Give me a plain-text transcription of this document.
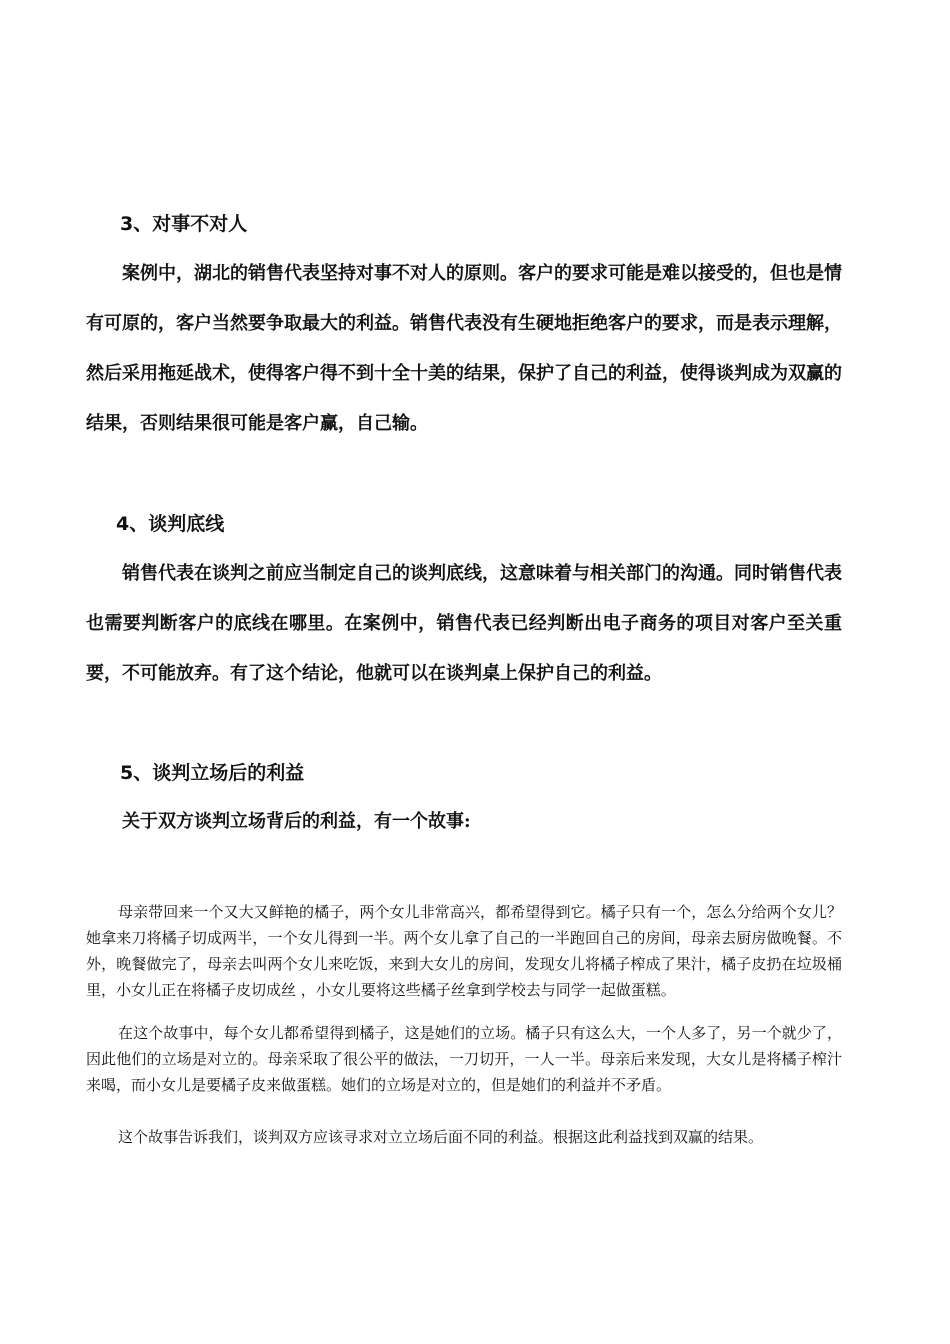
3、对事不对人

案例中，湖北的销售代表坚持对事不对人的原则。客户的要求可能是难以接受的，但也是情有可原的，客户当然要争取最大的利益。销售代表没有生硬地拒绝客户的要求，而是表示理解，然后采用拖延战术，使得客户得不到十全十美的结果，保护了自己的利益，使得谈判成为双赢的结果，否则结果很可能是客户赢，自己输。

4、谈判底线

销售代表在谈判之前应当制定自己的谈判底线，这意味着与相关部门的沟通。同时销售代表也需要判断客户的底线在哪里。在案例中，销售代表已经判断出电子商务的项目对客户至关重要，不可能放弃。有了这个结论，他就可以在谈判桌上保护自己的利益。

5、谈判立场后的利益

关于双方谈判立场背后的利益，有一个故事:

母亲带回来一个又大又鲜艳的橘子，两个女儿非常高兴，都希望得到它。橘子只有一个，怎么分给两个女儿？她拿来刀将橘子切成两半，一个女儿得到一半。两个女儿拿了自己的一半跑回自己的房间，母亲去厨房做晚餐。不外，晚餐做完了，母亲去叫两个女儿来吃饭，来到大女儿的房间，发现女儿将橘子榨成了果汁，橘子皮扔在垃圾桶里，小女儿正在将橘子皮切成丝 ，小女儿要将这些橘子丝拿到学校去与同学一起做蛋糕。

在这个故事中，每个女儿都希望得到橘子，这是她们的立场。橘子只有这么大，一个人多了，另一个就少了，因此他们的立场是对立的。母亲采取了很公平的做法，一刀切开，一人一半。母亲后来发现，大女儿是将橘子榨汁来喝，而小女儿是要橘子皮来做蛋糕。她们的立场是对立的，但是她们的利益并不矛盾。

这个故事告诉我们，谈判双方应该寻求对立立场后面不同的利益。根据这此利益找到双赢的结果。
